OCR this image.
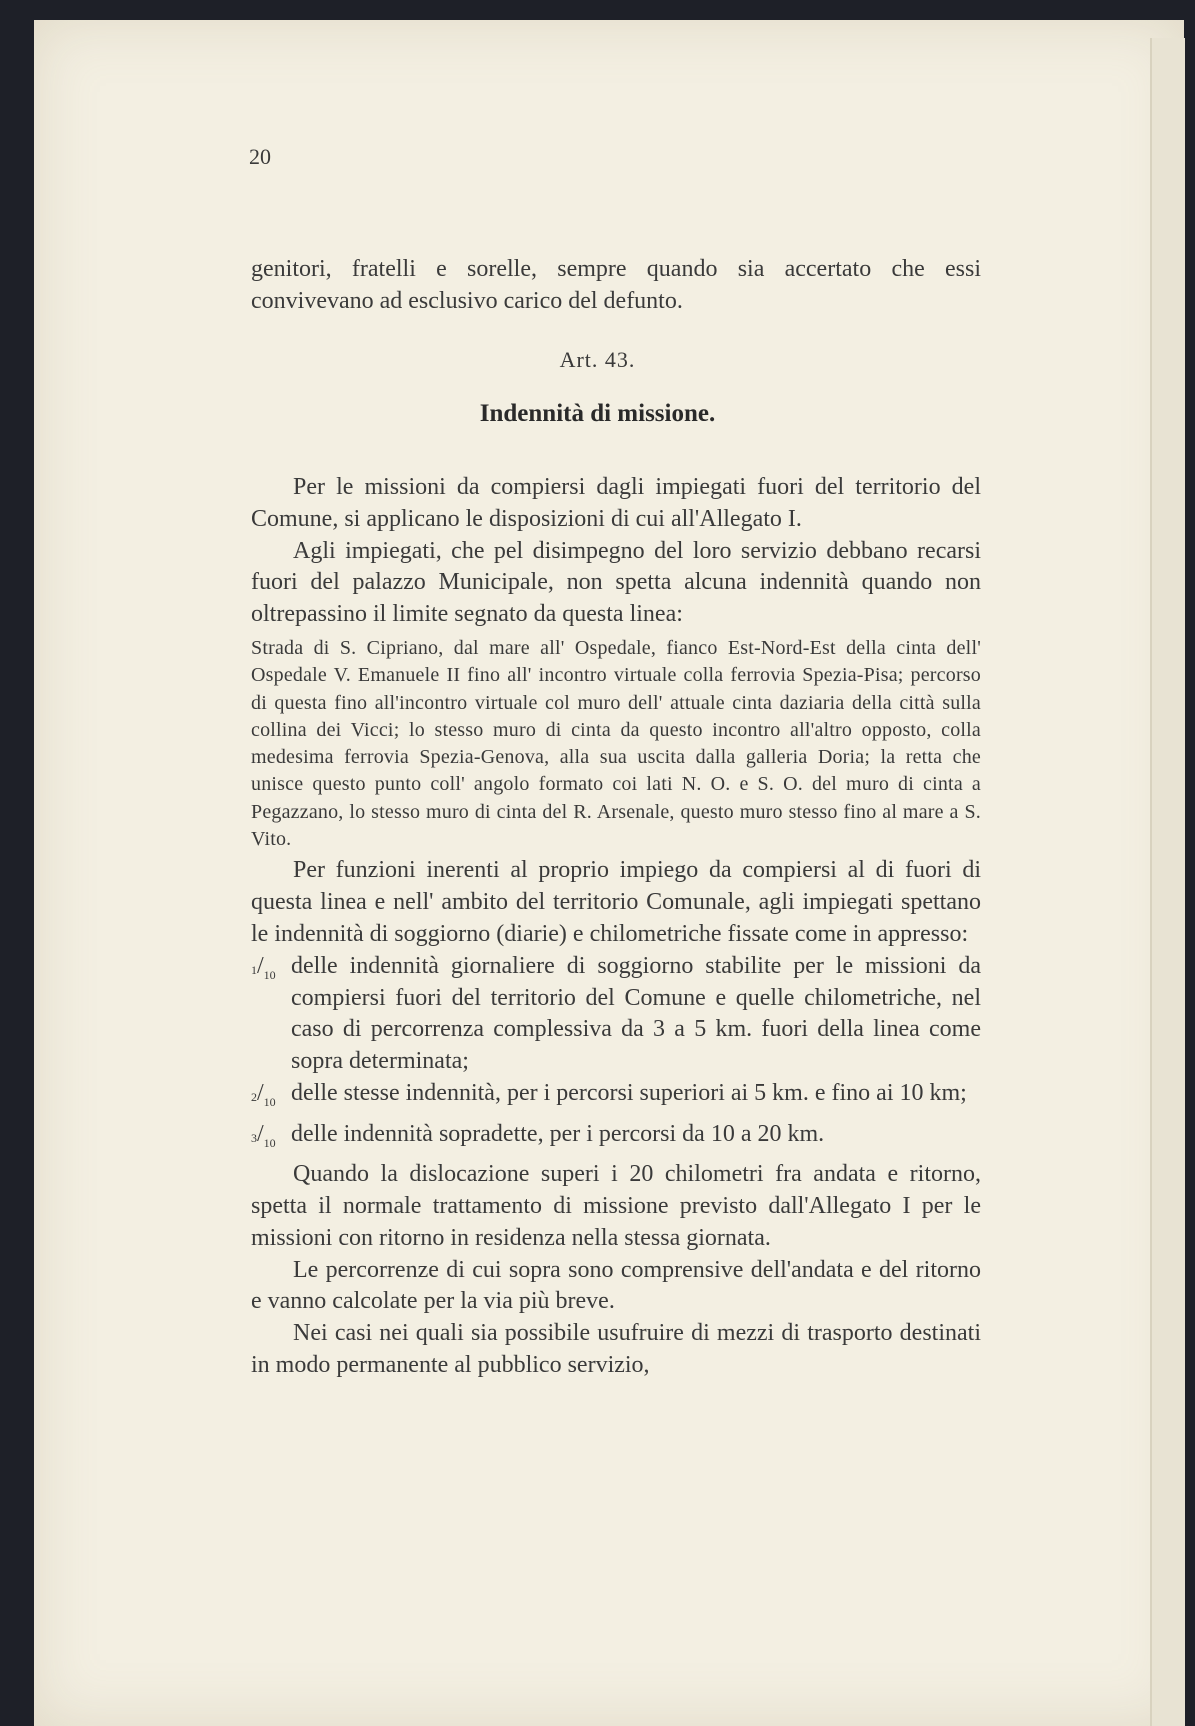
20

genitori, fratelli e sorelle, sempre quando sia accertato che essi convivevano ad esclusivo carico del defunto.

Art. 43.
Indennità di missione.

Per le missioni da compiersi dagli impiegati fuori del territorio del Comune, si applicano le disposizioni di cui all'Allegato I.

Agli impiegati, che pel disimpegno del loro servizio debbano recarsi fuori del palazzo Municipale, non spetta alcuna indennità quando non oltrepassino il limite segnato da questa linea:

Strada di S. Cipriano, dal mare all' Ospedale, fianco Est-Nord-Est della cinta dell' Ospedale V. Emanuele II fino all' incontro virtuale colla ferrovia Spezia-Pisa; percorso di questa fino all'incontro virtuale col muro dell' attuale cinta daziaria della città sulla collina dei Vicci; lo stesso muro di cinta da questo incontro all'altro opposto, colla medesima ferrovia Spezia-Genova, alla sua uscita dalla galleria Doria; la retta che unisce questo punto coll' angolo formato coi lati N. O. e S. O. del muro di cinta a Pegazzano, lo stesso muro di cinta del R. Arsenale, questo muro stesso fino al mare a S. Vito.

Per funzioni inerenti al proprio impiego da compiersi al di fuori di questa linea e nell' ambito del territorio Comunale, agli impiegati spettano le indennità di soggiorno (diarie) e chilometriche fissate come in appresso:

$^1/_{10}$ delle indennità giornaliere di soggiorno stabilite per le missioni da compiersi fuori del territorio del Comune e quelle chilometriche, nel caso di percorrenza complessiva da 3 a 5 km. fuori della linea come sopra determinata;
$^2/_{10}$ delle stesse indennità, per i percorsi superiori ai 5 km. e fino ai 10 km;
$^3/_{10}$ delle indennità sopradette, per i percorsi da 10 a 20 km.

Quando la dislocazione superi i 20 chilometri fra andata e ritorno, spetta il normale trattamento di missione previsto dall'Allegato I per le missioni con ritorno in residenza nella stessa giornata.

Le percorrenze di cui sopra sono comprensive dell'andata e del ritorno e vanno calcolate per la via più breve.

Nei casi nei quali sia possibile usufruire di mezzi di trasporto destinati in modo permanente al pubblico servizio,
